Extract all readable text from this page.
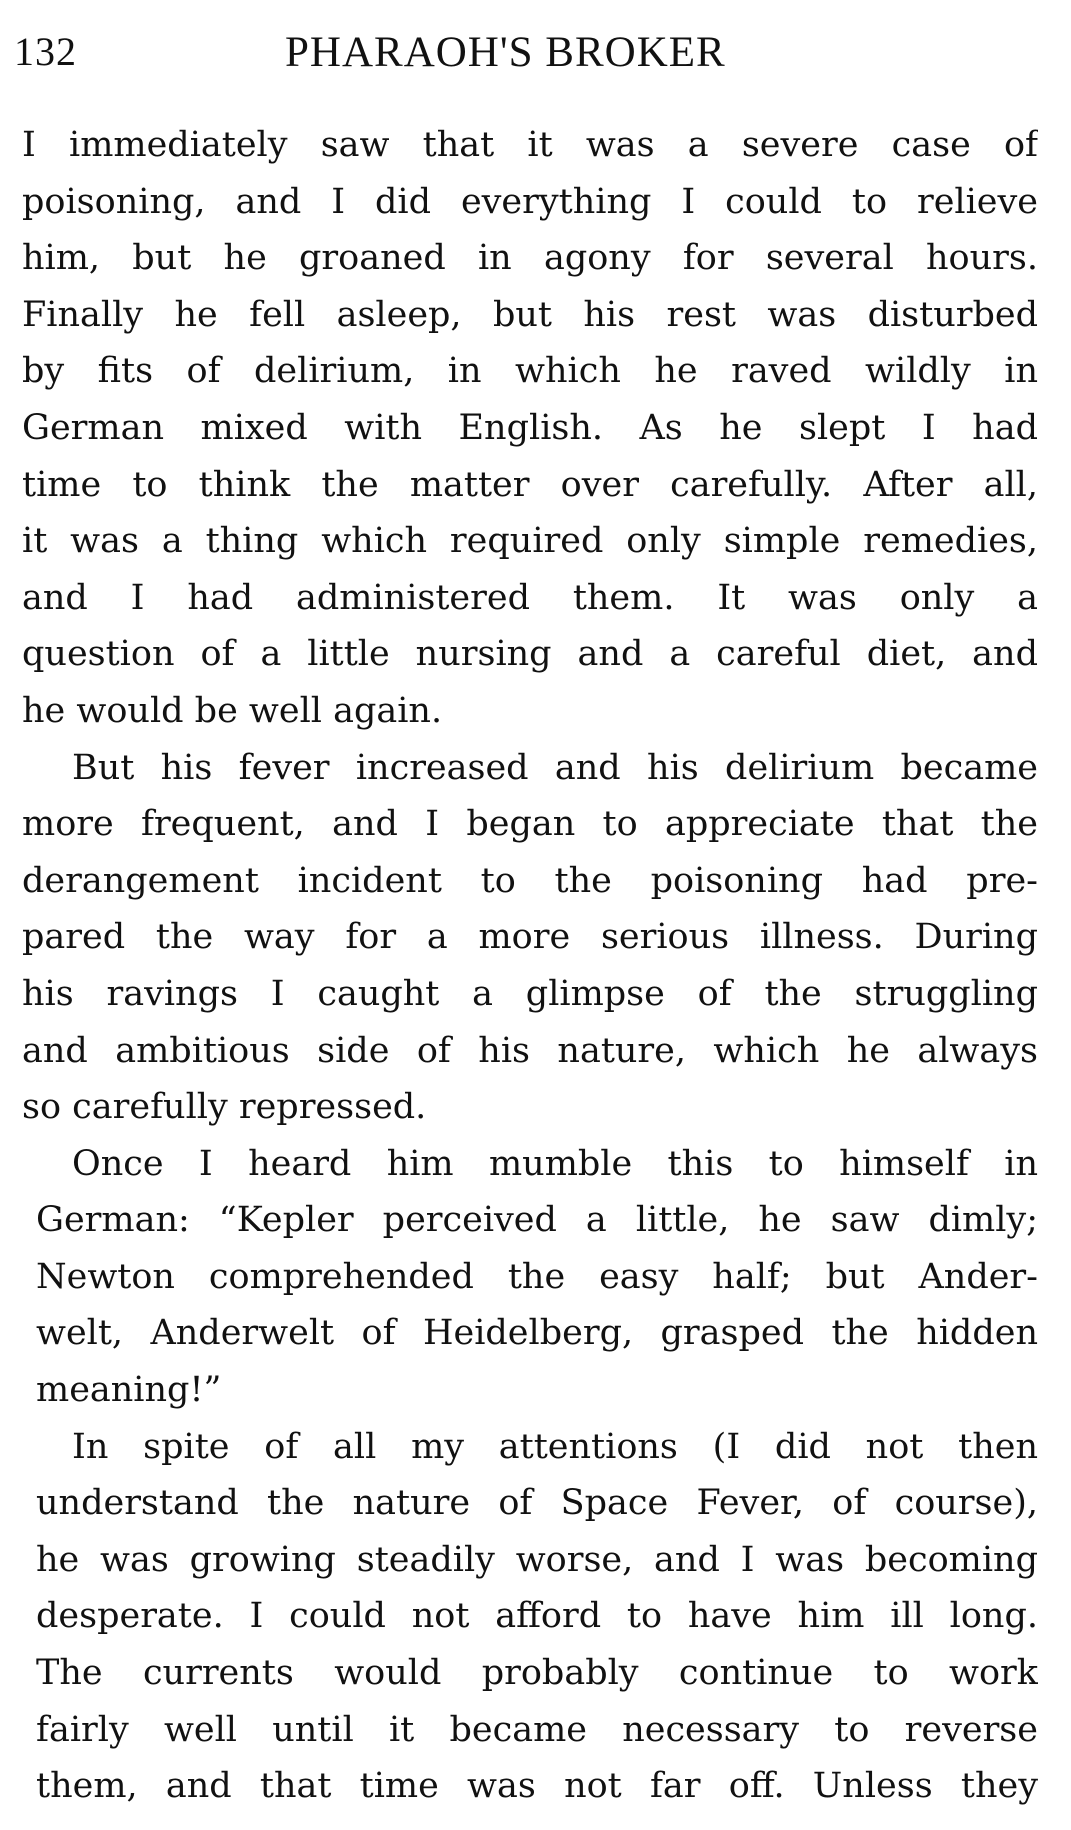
132	PHARAOH'S BROKER
I immediately saw that it was a severe case of
poisoning, and I did everything I could to relieve
him, but he groaned in agony for several hours.
Finally he fell asleep, but his rest was disturbed
by fits of delirium, in which he raved wildly in
German mixed with English. As he slept I had
time to think the matter over carefully. After all,
it was a thing which required only simple remedies,
and I had administered them. It was only a
question of a little nursing and a careful diet, and
he would be well again.
But his fever increased and his delirium became
more frequent, and I began to appreciate that the
derangement incident to the poisoning had pre-
pared the way for a more serious illness. During
his ravings I caught a glimpse of the struggling
and ambitious side of his nature, which he always
so carefully repressed.
Once I heard him mumble this to himself in
German: “Kepler perceived a little, he saw dimly;
Newton comprehended the easy half; but Ander-
welt, Anderwelt of Heidelberg, grasped the hidden
meaning!”
In spite of all my attentions (I did not then
understand the nature of Space Fever, of course),
he was growing steadily worse, and I was becoming
desperate. I could not afford to have him ill long.
The currents would probably continue to work
fairly well until it became necessary to reverse
them, and that time was not far off. Unless they
